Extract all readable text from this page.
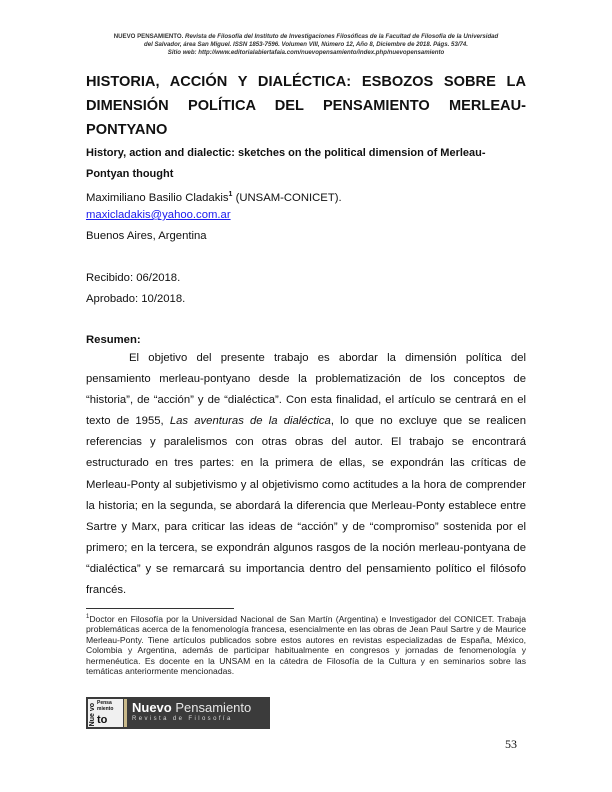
NUEVO PENSAMIENTO. Revista de Filosofía del Instituto de Investigaciones Filosóficas de la Facultad de Filosofía de la Universidad
del Salvador, área San Miguel. ISSN 1853-7596. Volumen VIII, Número 12, Año 8, Diciembre de 2018. Págs. 53/74.
Sitio web: http://www.editorialabiertafaia.com/nuevopensamiento/index.php/nuevopensamiento
HISTORIA, ACCIÓN Y DIALÉCTICA: ESBOZOS SOBRE LA
DIMENSIÓN POLÍTICA DEL PENSAMIENTO MERLEAU-
PONTYANO
History, action and dialectic: sketches on the political dimension of Merleau-
Pontyan thought
Maximiliano Basilio Cladakis$^1$ (UNSAM-CONICET).
maxicladakis@yahoo.com.ar
Buenos Aires, Argentina
Recibido: 06/2018.
Aprobado: 10/2018.
Resumen:

El objetivo del presente trabajo es abordar la dimensión política del pensamiento merleau-pontyano desde la problematización de los conceptos de “historia”, de “acción” y de “dialéctica”. Con esta finalidad, el artículo se centrará en el texto de 1955, Las aventuras de la dialéctica, lo que no excluye que se realicen referencias y paralelismos con otras obras del autor. El trabajo se encontrará estructurado en tres partes: en la primera de ellas, se expondrán las críticas de Merleau-Ponty al subjetivismo y al objetivismo como actitudes a la hora de comprender la historia; en la segunda, se abordará la diferencia que Merleau-Ponty establece entre Sartre y Marx, para criticar las ideas de “acción” y de “compromiso” sostenida por el primero; en la tercera, se expondrán algunos rasgos de la noción merleau-pontyana de “dialéctica” y se remarcará su importancia dentro del pensamiento político el filósofo francés.

$^1$Doctor en Filosofía por la Universidad Nacional de San Martín (Argentina) e Investigador del CONICET. Trabaja problemáticas acerca de la fenomenología francesa, esencialmente en las obras de Jean Paul Sartre y de Maurice Merleau-Ponty. Tiene artículos publicados sobre estos autores en revistas especializadas de España, México, Colombia y Argentina, además de participar habitualmente en congresos y jornadas de fenomenología y hermenéutica. Es docente en la UNSAM en la cátedra de Filosofía de la Cultura y en seminarios sobre las temáticas anteriormente mencionadas.
Nue vo Pensa miento
to
Nuevo Pensamiento
Revista de Filosofía
53
